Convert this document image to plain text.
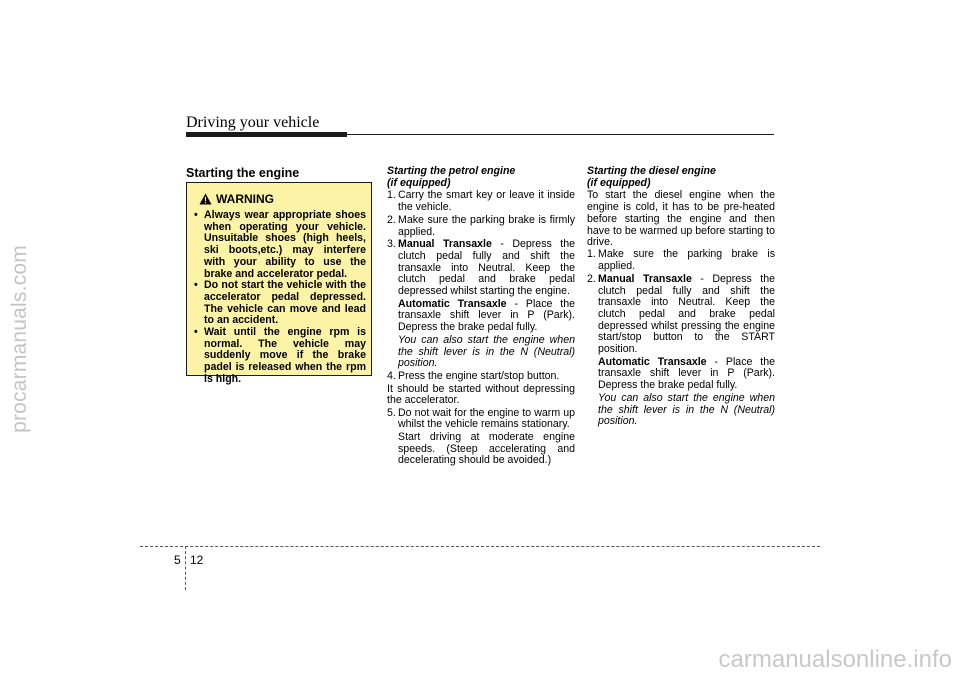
procarmanuals.com
Driving your vehicle
Starting the engine
WARNING
• Always wear appropriate shoes when operating your vehicle. Unsuitable shoes (high heels, ski boots,etc.) may interfere with your ability to use the brake and accelerator pedal.
• Do not start the vehicle with the accelerator pedal depressed. The vehicle can move and lead to an accident.
• Wait until the engine rpm is normal. The vehicle may suddenly move if the brake padel is released when the rpm is high.
Starting the petrol engine
(if equipped)
1. Carry the smart key or leave it inside the vehicle.
2. Make sure the parking brake is firmly applied.
3. Manual Transaxle - Depress the clutch pedal fully and shift the transaxle into Neutral. Keep the clutch pedal and brake pedal depressed whilst starting the engine.
Automatic Transaxle - Place the transaxle shift lever in P (Park). Depress the brake pedal fully.
You can also start the engine when the shift lever is in the N (Neutral) position.
4. Press the engine start/stop button.
It should be started without depressing the accelerator.
5. Do not wait for the engine to warm up whilst the vehicle remains stationary.
Start driving at moderate engine speeds. (Steep accelerating and decelerating should be avoided.)
Starting the diesel engine
(if equipped)
To start the diesel engine when the engine is cold, it has to be pre-heated before starting the engine and then have to be warmed up before starting to drive.
1. Make sure the parking brake is applied.
2. Manual Transaxle - Depress the clutch pedal fully and shift the transaxle into Neutral. Keep the clutch pedal and brake pedal depressed whilst pressing the engine start/stop button to the START position.
Automatic Transaxle - Place the transaxle shift lever in P (Park). Depress the brake pedal fully.
You can also start the engine when the shift lever is in the N (Neutral) position.
5 12
carmanualsonline.info
